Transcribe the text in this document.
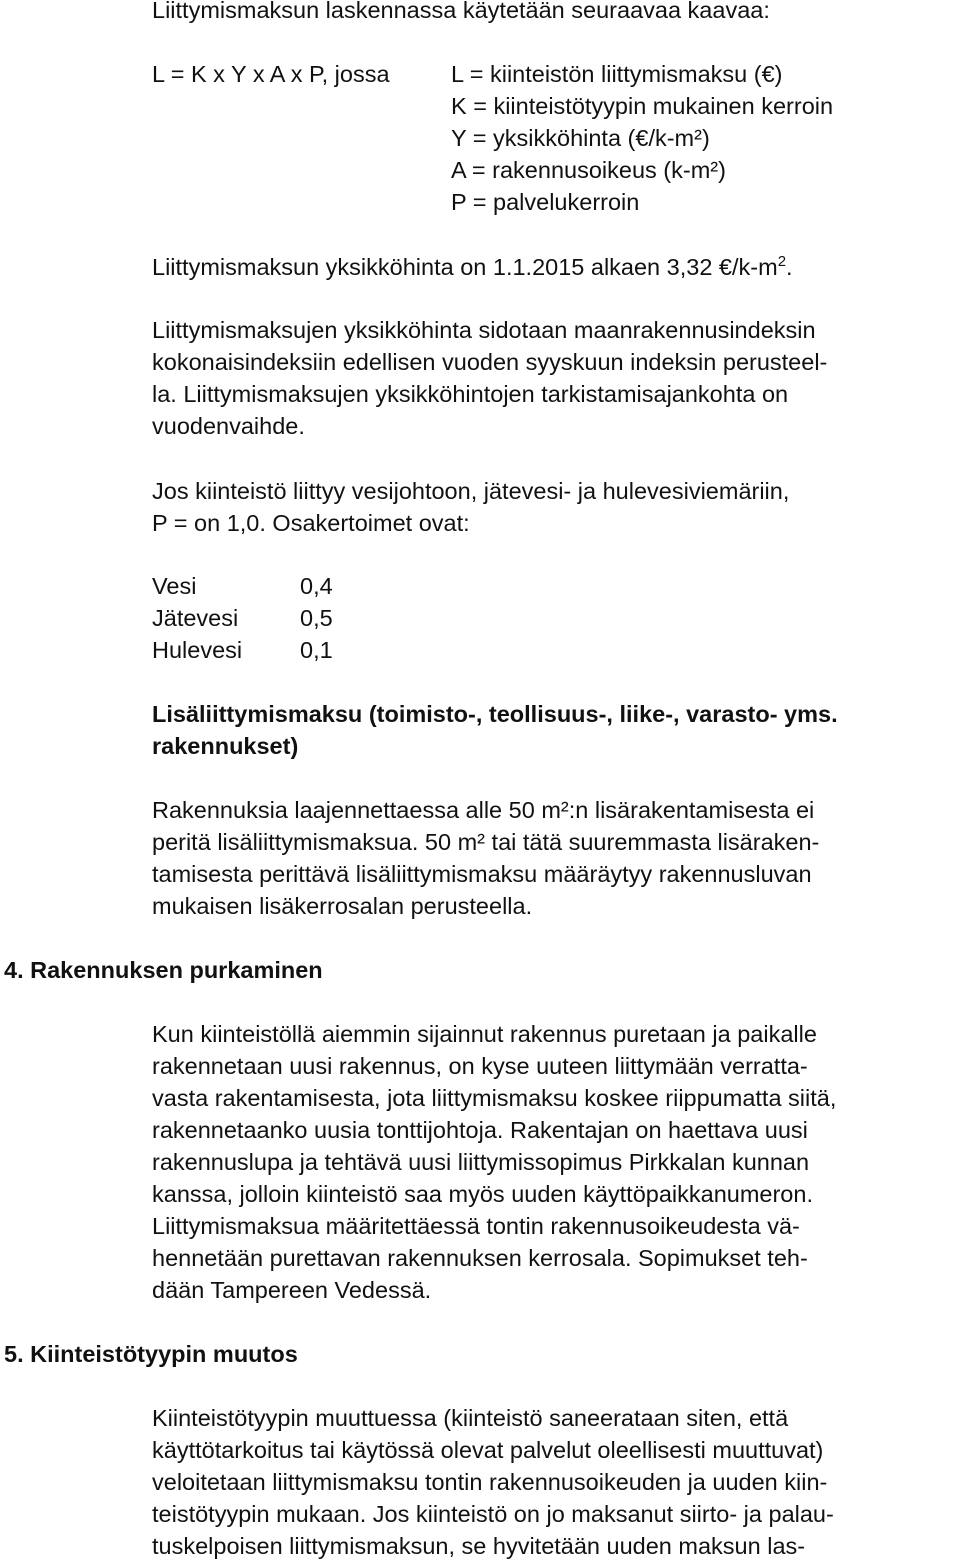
Liittymismaksun laskennassa käytetään seuraavaa kaavaa:
L = K x Y x A x P, jossa	L = kiinteistön liittymismaksu (€)
K = kiinteistötyypin mukainen kerroin
Y = yksikköhinta (€/k-m²)
A = rakennusoikeus (k-m²)
P = palvelukerroin
Liittymismaksun yksikköhinta on 1.1.2015 alkaen 3,32 $€/k-m^2$.
Liittymismaksujen yksikköhinta sidotaan maanrakennusindeksin
kokonaisindeksiin edellisen vuoden syyskuun indeksin perusteel-
la. Liittymismaksujen yksikköhintojen tarkistamisajankohta on
vuodenvaihde.
Jos kiinteistö liittyy vesijohtoon, jätevesi- ja hulevesiviemäriin,
P = on 1,0. Osakertoimet ovat:
Vesi	0,4
Jätevesi	0,5
Hulevesi 0,1
Lisäliittymismaksu (toimisto-, teollisuus-, liike-, varasto- yms.
rakennukset)
Rakennuksia laajennettaessa alle 50 m²:n lisärakentamisesta ei
peritä lisäliittymismaksua. 50 m² tai tätä suuremmasta lisäraken-
tamisesta perittävä lisäliittymismaksu määräytyy rakennusluvan
mukaisen lisäkerrosalan perusteella.
4. Rakennuksen purkaminen
Kun kiinteistöllä aiemmin sijainnut rakennus puretaan ja paikalle
rakennetaan uusi rakennus, on kyse uuteen liittymään verratta-
vasta rakentamisesta, jota liittymismaksu koskee riippumatta siitä,
rakennetaanko uusia tonttijohtoja. Rakentajan on haettava uusi
rakennuslupa ja tehtävä uusi liittymissopimus Pirkkalan kunnan
kanssa, jolloin kiinteistö saa myös uuden käyttöpaikkanumeron.
Liittymismaksua määritettäessä tontin rakennusoikeudesta vä-
hennetään purettavan rakennuksen kerrosala. Sopimukset teh-
dään Tampereen Vedessä.
5. Kiinteistötyypin muutos
Kiinteistötyypin muuttuessa (kiinteistö saneerataan siten, että
käyttötarkoitus tai käytössä olevat palvelut oleellisesti muuttuvat)
veloitetaan liittymismaksu tontin rakennusoikeuden ja uuden kiin-
teistötyypin mukaan. Jos kiinteistö on jo maksanut siirto- ja palau-
tuskelpoisen liittymismaksun, se hyvitetään uuden maksun las-
